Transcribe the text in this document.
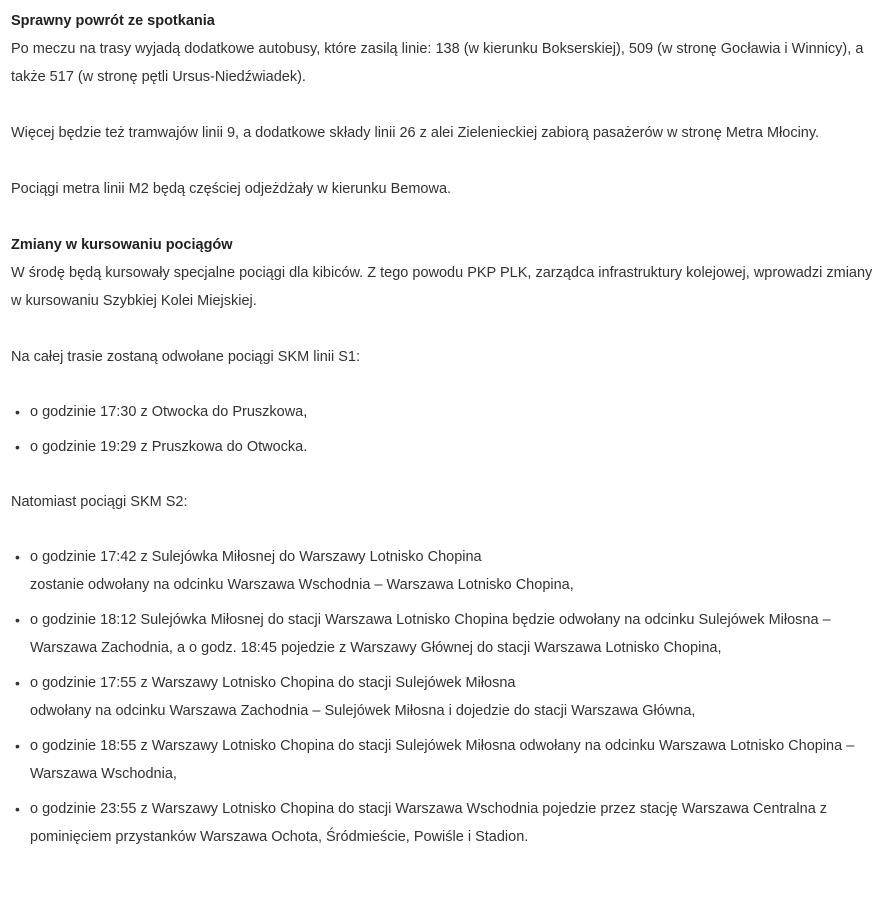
Sprawny powrót ze spotkania

Po meczu na trasy wyjadą dodatkowe autobusy, które zasilą linie: 138 (w kierunku Bokserskiej), 509 (w stronę Gocławia i Winnicy), a także 517 (w stronę pętli Ursus-Niedźwiadek).

Więcej będzie też tramwajów linii 9, a dodatkowe składy linii 26 z alei Zielenieckiej zabiorą pasażerów w stronę Metra Młociny.

Pociągi metra linii M2 będą częściej odjeżdżały w kierunku Bemowa.

Zmiany w kursowaniu pociągów

W środę będą kursowały specjalne pociągi dla kibiców. Z tego powodu PKP PLK, zarządca infrastruktury kolejowej, wprowadzi zmiany w kursowaniu Szybkiej Kolei Miejskiej.

Na całej trasie zostaną odwołane pociągi SKM linii S1:

• o godzinie 17:30 z Otwocka do Pruszkowa,
• o godzinie 19:29 z Pruszkowa do Otwocka.

Natomiast pociągi SKM S2:

• o godzinie 17:42 z Sulejówka Miłosnej do Warszawy Lotnisko Chopina
zostanie odwołany na odcinku Warszawa Wschodnia – Warszawa Lotnisko Chopina,
• o godzinie 18:12 Sulejówka Miłosnej do stacji Warszawa Lotnisko Chopina będzie odwołany na odcinku Sulejówek Miłosna – Warszawa Zachodnia, a o godz. 18:45 pojedzie z Warszawy Głównej do stacji Warszawa Lotnisko Chopina,
• o godzinie 17:55 z Warszawy Lotnisko Chopina do stacji Sulejówek Miłosna
odwołany na odcinku Warszawa Zachodnia – Sulejówek Miłosna i dojedzie do stacji Warszawa Główna,
• o godzinie 18:55 z Warszawy Lotnisko Chopina do stacji Sulejówek Miłosna odwołany na odcinku Warszawa Lotnisko Chopina – Warszawa Wschodnia,
• o godzinie 23:55 z Warszawy Lotnisko Chopina do stacji Warszawa Wschodnia pojedzie przez stację Warszawa Centralna z pominięciem przystanków Warszawa Ochota, Śródmieście, Powiśle i Stadion.
